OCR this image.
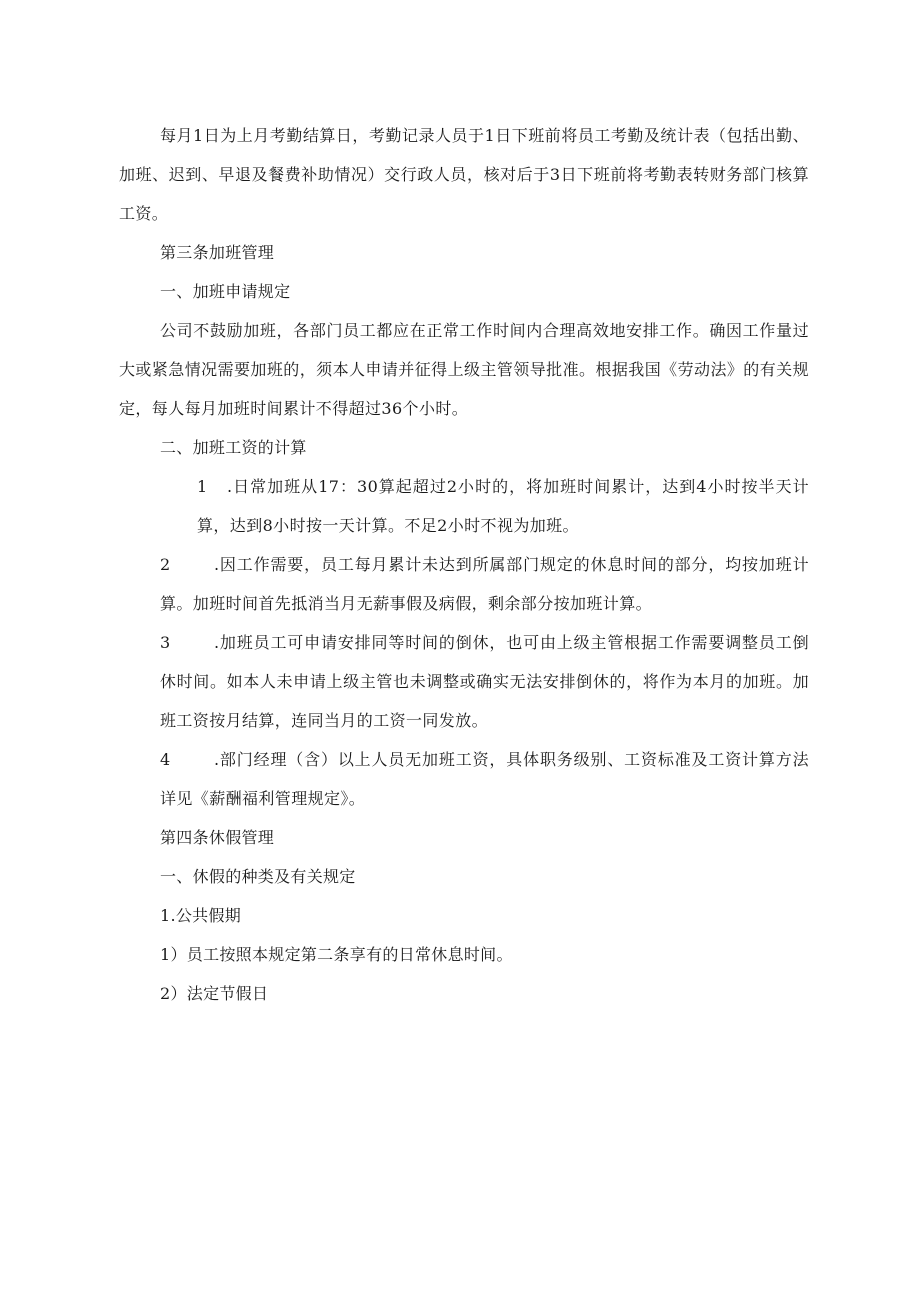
每月1日为上月考勤结算日，考勤记录人员于1日下班前将员工考勤及统计表（包括出勤、加班、迟到、早退及餐费补助情况）交行政人员，核对后于3日下班前将考勤表转财务部门核算工资。

第三条加班管理

一、加班申请规定

公司不鼓励加班，各部门员工都应在正常工作时间内合理高效地安排工作。确因工作量过大或紧急情况需要加班的，须本人申请并征得上级主管领导批准。根据我国《劳动法》的有关规定，每人每月加班时间累计不得超过36个小时。

二、加班工资的计算

1 .日常加班从17：30算起超过2小时的，将加班时间累计，达到4小时按半天计算，达到8小时按一天计算。不足2小时不视为加班。

2	.因工作需要，员工每月累计未达到所属部门规定的休息时间的部分，均按加班计算。加班时间首先抵消当月无薪事假及病假，剩余部分按加班计算。

3	.加班员工可申请安排同等时间的倒休，也可由上级主管根据工作需要调整员工倒休时间。如本人未申请上级主管也未调整或确实无法安排倒休的，将作为本月的加班。加班工资按月结算，连同当月的工资一同发放。

4	.部门经理（含）以上人员无加班工资，具体职务级别、工资标准及工资计算方法详见《薪酬福利管理规定》。

第四条休假管理

一、休假的种类及有关规定

1.公共假期

1）员工按照本规定第二条享有的日常休息时间。

2）法定节假日
